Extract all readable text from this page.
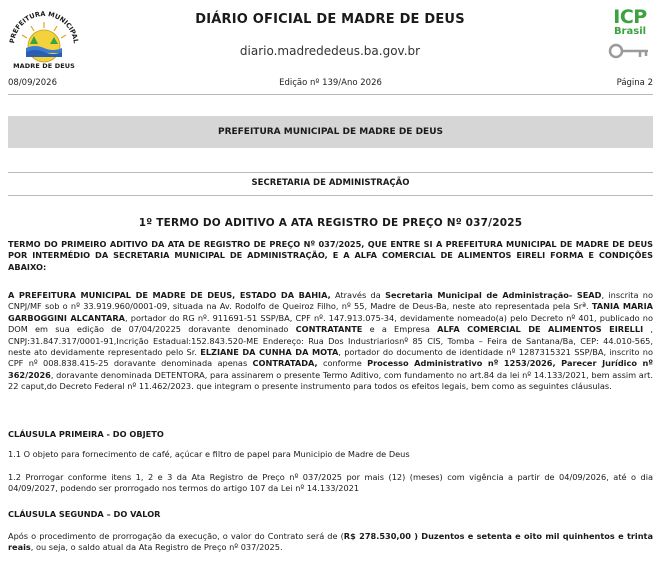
PREFEITURA MUNICIPAL
MADRE DE DEUS
DIÁRIO OFICIAL DE MADRE DE DEUS
diario.madrededeus.ba.gov.br
ICP
Brasil
08/09/2026	Edição nº 139/Ano 2026	Página 2
PREFEITURA MUNICIPAL DE MADRE DE DEUS
SECRETARIA DE ADMINISTRAÇÃO
1º TERMO DO ADITIVO A ATA REGISTRO DE PREÇO Nº 037/2025
TERMO DO PRIMEIRO ADITIVO DA ATA DE REGISTRO DE PREÇO Nº 037/2025, QUE ENTRE SI A PREFEITURA MUNICIPAL DE MADRE DE DEUS POR INTERMÉDIO DA SECRETARIA MUNICIPAL DE ADMINISTRAÇÃO, E A ALFA COMERCIAL DE ALIMENTOS EIRELI FORMA E CONDIÇÕES ABAIXO:
A PREFEITURA MUNICIPAL DE MADRE DE DEUS, ESTADO DA BAHIA, Através da Secretaria Municipal de Administração- SEAD, inscrita no CNPJ/MF sob o nº 33.919.960/0001-09, situada na Av. Rodolfo de Queiroz Filho, nº 55, Madre de Deus-Ba, neste ato representada pela Srª. TANIA MARIA GARBOGGINI ALCANTARA, portador do RG nº. 911691-51 SSP/BA, CPF nº. 147.913.075-34, devidamente nomeado(a) pelo Decreto nº 401, publicado no DOM em sua edição de 07/04/20225 doravante denominado CONTRATANTE e a Empresa ALFA COMERCIAL DE ALIMENTOS EIRELLI , CNPJ:31.847.317/0001-91,Incrição Estadual:152.843.520-ME Endereço: Rua Dos Industriariosnº 85 CIS, Tomba – Feira de Santana/Ba, CEP: 44.010-565, neste ato devidamente representado pelo Sr. ELZIANE DA CUNHA DA MOTA, portador do documento de identidade nº 1287315321 SSP/BA, inscrito no CPF nº 008.838.415-25 doravante denominada apenas CONTRATADA, conforme Processo Administrativo nº 1253/2026, Parecer Jurídico nº 362/2026, doravante denominada DETENTORA, para assinarem o presente Termo Aditivo, com fundamento no art.84 da lei nº 14.133/2021, bem assim art. 22 caput,do Decreto Federal nº 11.462/2023. que integram o presente instrumento para todos os efeitos legais, bem como as seguintes cláusulas.
CLÁUSULA PRIMEIRA - DO OBJETO
1.1 O objeto para fornecimento de café, açúcar e filtro de papel para Municipio de Madre de Deus
1.2 Prorrogar conforme itens 1, 2 e 3 da Ata Registro de Preço nº 037/2025 por mais (12) (meses) com vigência a partir de 04/09/2026, até o dia 04/09/2027, podendo ser prorrogado nos termos do artigo 107 da Lei nº 14.133/2021
CLÁUSULA SEGUNDA – DO VALOR
Após o procedimento de prorrogação da execução, o valor do Contrato será de (R$ 278.530,00 ) Duzentos e setenta e oito mil quinhentos e trinta reais, ou seja, o saldo atual da Ata Registro de Preço nº 037/2025.
